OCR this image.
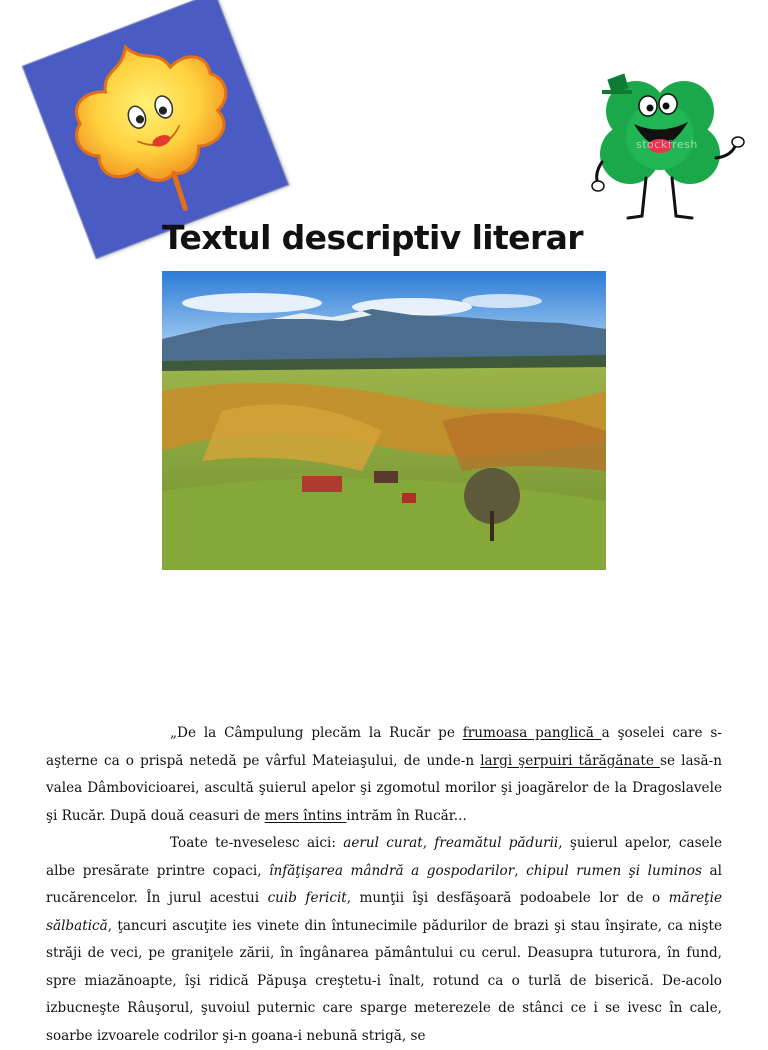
stockfresh
Textul descriptiv literar

„De la Câmpulung plecăm la Rucăr pe frumoasa panglică a şoselei care s-aşterne ca o prispă netedă pe vârful Mateiaşului, de unde-n largi şerpuiri tărăgănate se lasă-n valea Dâmbovicioarei, ascultă şuierul apelor şi zgomotul morilor şi joagărelor de la Dragoslavele şi Rucăr. După două ceasuri de mers întins intrăm în Rucăr...

Toate te-nveselesc aici: aerul curat, freamătul pădurii, şuierul apelor, casele albe presărate printre copaci, înfăţişarea mândră a gospodarilor, chipul rumen şi luminos al rucărencelor. În jurul acestui cuib fericit, munţii îşi desfăşoară podoabele lor de o măreţie sălbatică, ţancuri ascuţite ies vinete din întunecimile pădurilor de brazi şi stau înşirate, ca nişte străji de veci, pe graniţele zării, în îngânarea pământului cu cerul. Deasupra tuturora, în fund, spre miazănoapte, îşi ridică Păpuşa creştetu-i înalt, rotund ca o turlă de biserică. De-acolo izbucneşte Râuşorul, şuvoiul puternic care sparge meterezele de stânci ce i se ivesc în cale, soarbe izvoarele codrilor şi-n goana-i nebună strigă, se
